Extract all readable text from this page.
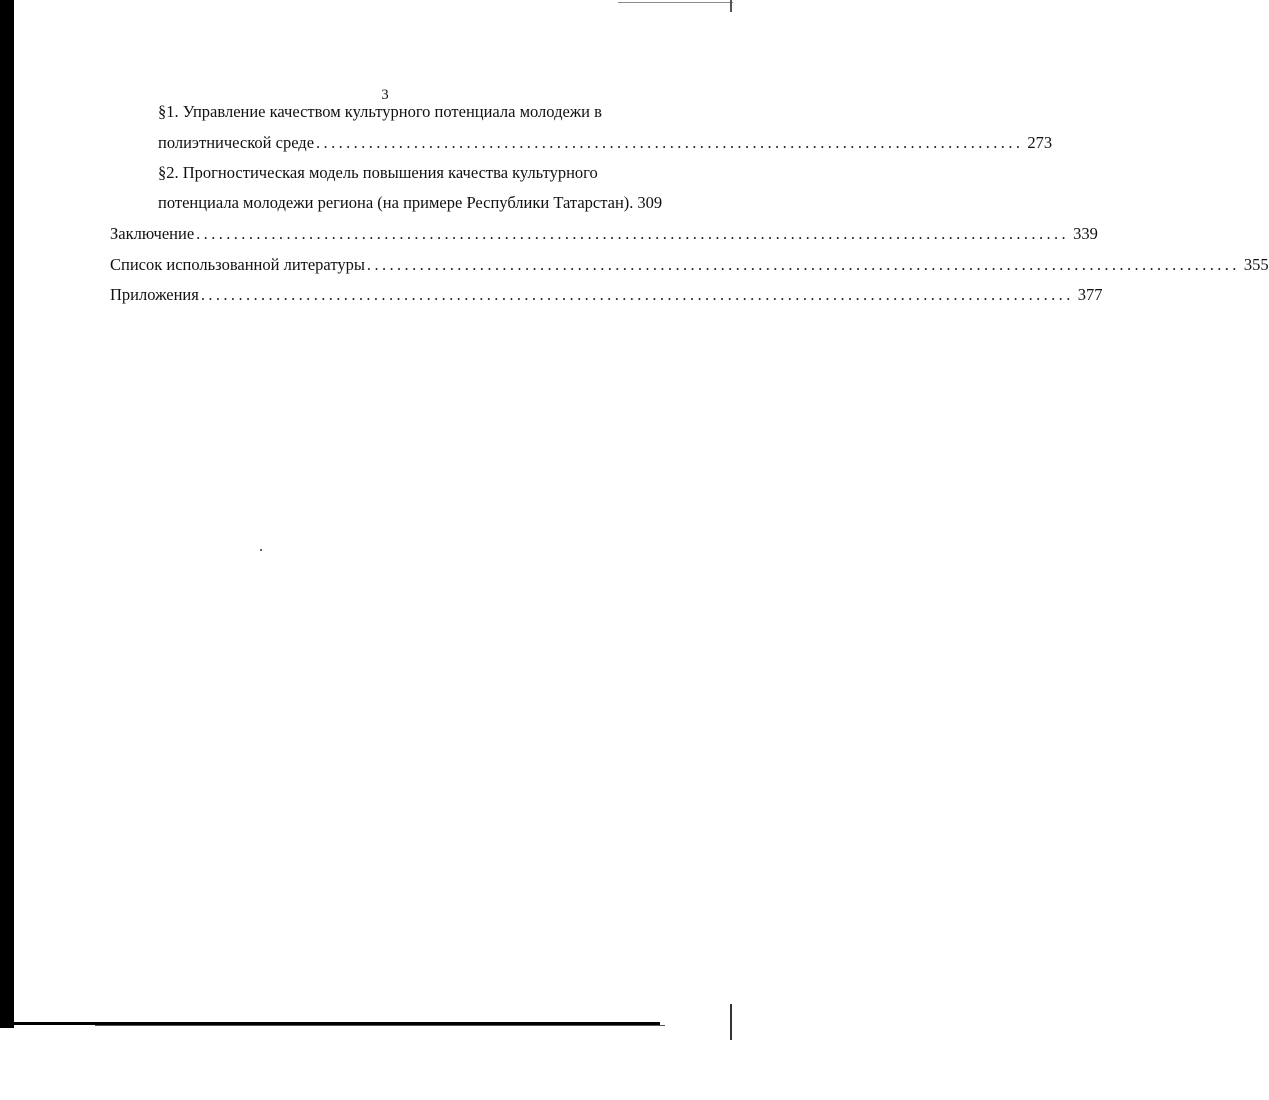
3
§1. Управление качеством культурного потенциала молодежи в
полиэтнической среде .............................................................................................. 273
§2. Прогностическая модель повышения качества культурного
потенциала молодежи региона (на примере Республики Татарстан). 309
Заключение .................................................................................................................... 339
Список использованной литературы .................................................................................................................... 355
Приложения .................................................................................................................... 377
